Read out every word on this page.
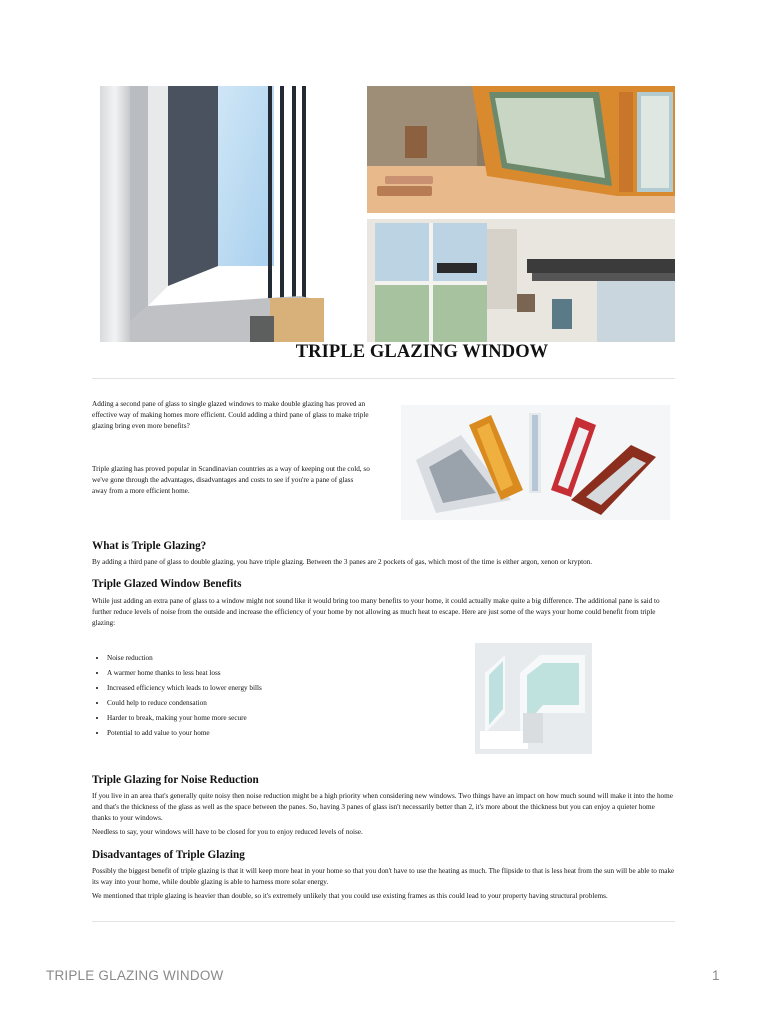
TRIPLE GLAZING WINDOW

Adding a second pane of glass to single glazed windows to make double glazing has proved an effective way of making homes more efficient. Could adding a third pane of glass to make triple glazing bring even more benefits?

Triple glazing has proved popular in Scandinavian countries as a way of keeping out the cold, so we've gone through the advantages, disadvantages and costs to see if you're a pane of glass away from a more efficient home.

What is Triple Glazing?

By adding a third pane of glass to double glazing, you have triple glazing. Between the 3 panes are 2 pockets of gas, which most of the time is either argon, xenon or krypton.

Triple Glazed Window Benefits

While just adding an extra pane of glass to a window might not sound like it would bring too many benefits to your home, it could actually make quite a big difference. The additional pane is said to further reduce levels of noise from the outside and increase the efficiency of your home by not allowing as much heat to escape. Here are just some of the ways your home could benefit from triple glazing:

• Noise reduction
• A warmer home thanks to less heat loss
• Increased efficiency which leads to lower energy bills
• Could help to reduce condensation
• Harder to break, making your home more secure
• Potential to add value to your home
Triple Glazing for Noise Reduction

If you live in an area that's generally quite noisy then noise reduction might be a high priority when considering new windows. Two things have an impact on how much sound will make it into the home and that's the thickness of the glass as well as the space between the panes. So, having 3 panes of glass isn't necessarily better than 2, it's more about the thickness but you can enjoy a quieter home thanks to your windows.

Needless to say, your windows will have to be closed for you to enjoy reduced levels of noise.

Disadvantages of Triple Glazing

Possibly the biggest benefit of triple glazing is that it will keep more heat in your home so that you don't have to use the heating as much. The flipside to that is less heat from the sun will be able to make its way into your home, while double glazing is able to harness more solar energy.

We mentioned that triple glazing is heavier than double, so it's extremely unlikely that you could use existing frames as this could lead to your property having structural problems.

TRIPLE GLAZING WINDOW	1
